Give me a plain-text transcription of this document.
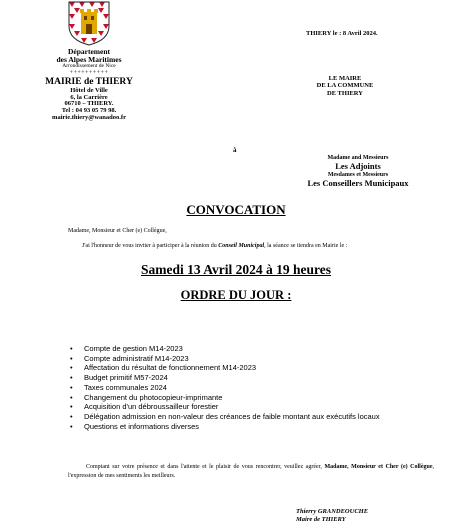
Département
des Alpes Maritimes
Arrondissement de Nice
++++++++++
MAIRIE de THIERY
Hôtel de Ville
6, la Carrière
06710 – THIERY.
Tel : 04 93 05 79 98.
mairie.thiery@wanadoo.fr
THIERY le : 8 Avril 2024.
LE MAIRE
DE LA COMMUNE
DE THIERY
à
Madame and Messieurs
Les Adjoints
Mesdames et Messieurs
Les Conseillers Municipaux
CONVOCATION
Madame, Monsieur et Cher (e) Collègue,
J'ai l'honneur de vous inviter à participer à la réunion du Conseil Municipal, la séance se tiendra en Mairie le :
Samedi 13 Avril 2024 à 19 heures
ORDRE DU JOUR :
• Compte de gestion M14-2023
• Compte administratif M14-2023
• Affectation du résultat de fonctionnement M14-2023
• Budget primitif M57-2024
• Taxes communales 2024
• Changement du photocopieur-imprimante
• Acquisition d'un débroussailleur forestier
• Délégation admission en non-valeur des créances de faible montant aux exécutifs locaux
• Questions et informations diverses
Comptant sur votre présence et dans l'attente et le plaisir de vous rencontrer, veuillez agréer, Madame, Monsieur et Cher (e) Collègue, l'expression de mes sentiments les meilleurs.
Thierry GRANDEOUCHE
Maire de THIERY
